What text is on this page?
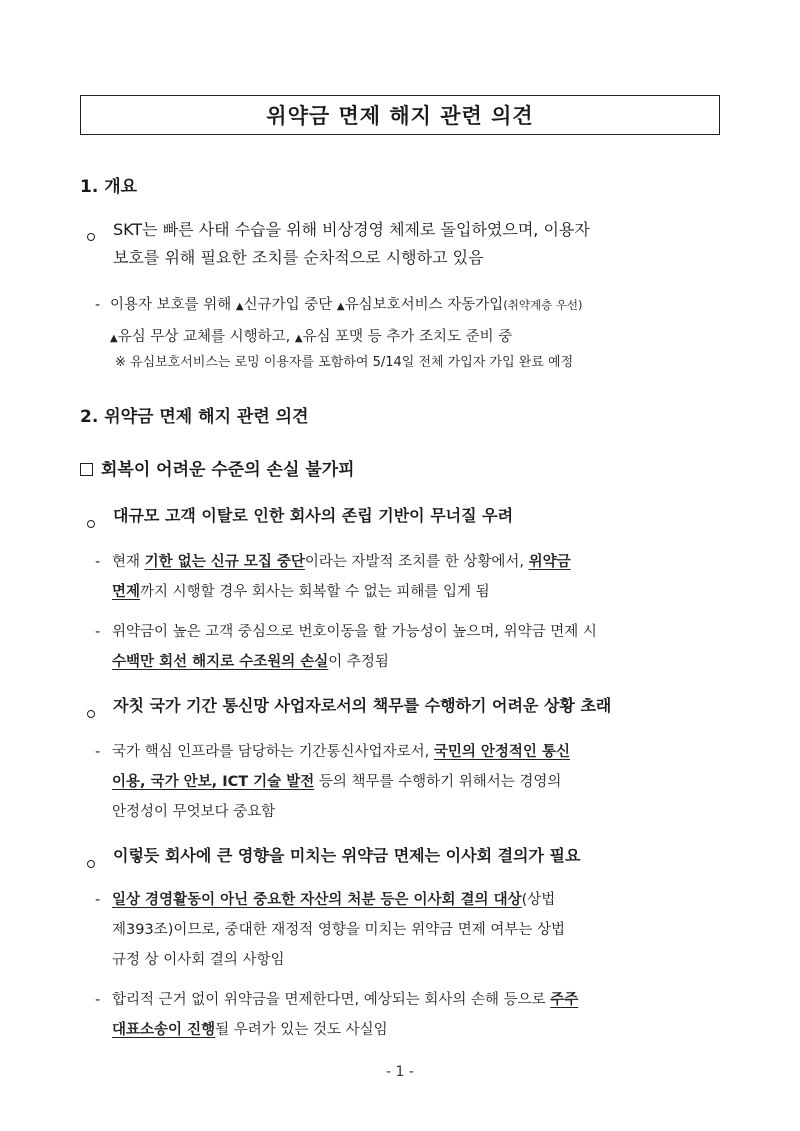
위약금 면제 해지 관련 의견
1. 개요
SKT는 빠른 사태 수습을 위해 비상경영 체제로 돌입하였으며, 이용자
보호를 위해 필요한 조치를 순차적으로 시행하고 있음
- 이용자 보호를 위해 ▲신규가입 중단 ▲유심보호서비스 자동가입(취약계층 우선)
▲유심 무상 교체를 시행하고, ▲유심 포맷 등 추가 조치도 준비 중
※ 유심보호서비스는 로밍 이용자를 포함하여 5/14일 전체 가입자 가입 완료 예정
2. 위약금 면제 해지 관련 의견
회복이 어려운 수준의 손실 불가피
대규모 고객 이탈로 인한 회사의 존립 기반이 무너질 우려
- 현재 기한 없는 신규 모집 중단이라는 자발적 조치를 한 상황에서, 위약금
면제까지 시행할 경우 회사는 회복할 수 없는 피해를 입게 됨
- 위약금이 높은 고객 중심으로 번호이동을 할 가능성이 높으며, 위약금 면제 시
수백만 회선 해지로 수조원의 손실이 추정됨
자칫 국가 기간 통신망 사업자로서의 책무를 수행하기 어려운 상황 초래
- 국가 핵심 인프라를 담당하는 기간통신사업자로서, 국민의 안정적인 통신
이용, 국가 안보, ICT 기술 발전 등의 책무를 수행하기 위해서는 경영의
안정성이 무엇보다 중요함
이렇듯 회사에 큰 영향을 미치는 위약금 면제는 이사회 결의가 필요
- 일상 경영활동이 아닌 중요한 자산의 처분 등은 이사회 결의 대상(상법
제393조)이므로, 중대한 재정적 영향을 미치는 위약금 면제 여부는 상법
규정 상 이사회 결의 사항임
- 합리적 근거 없이 위약금을 면제한다면, 예상되는 회사의 손해 등으로 주주
대표소송이 진행될 우려가 있는 것도 사실임
- 1 -
